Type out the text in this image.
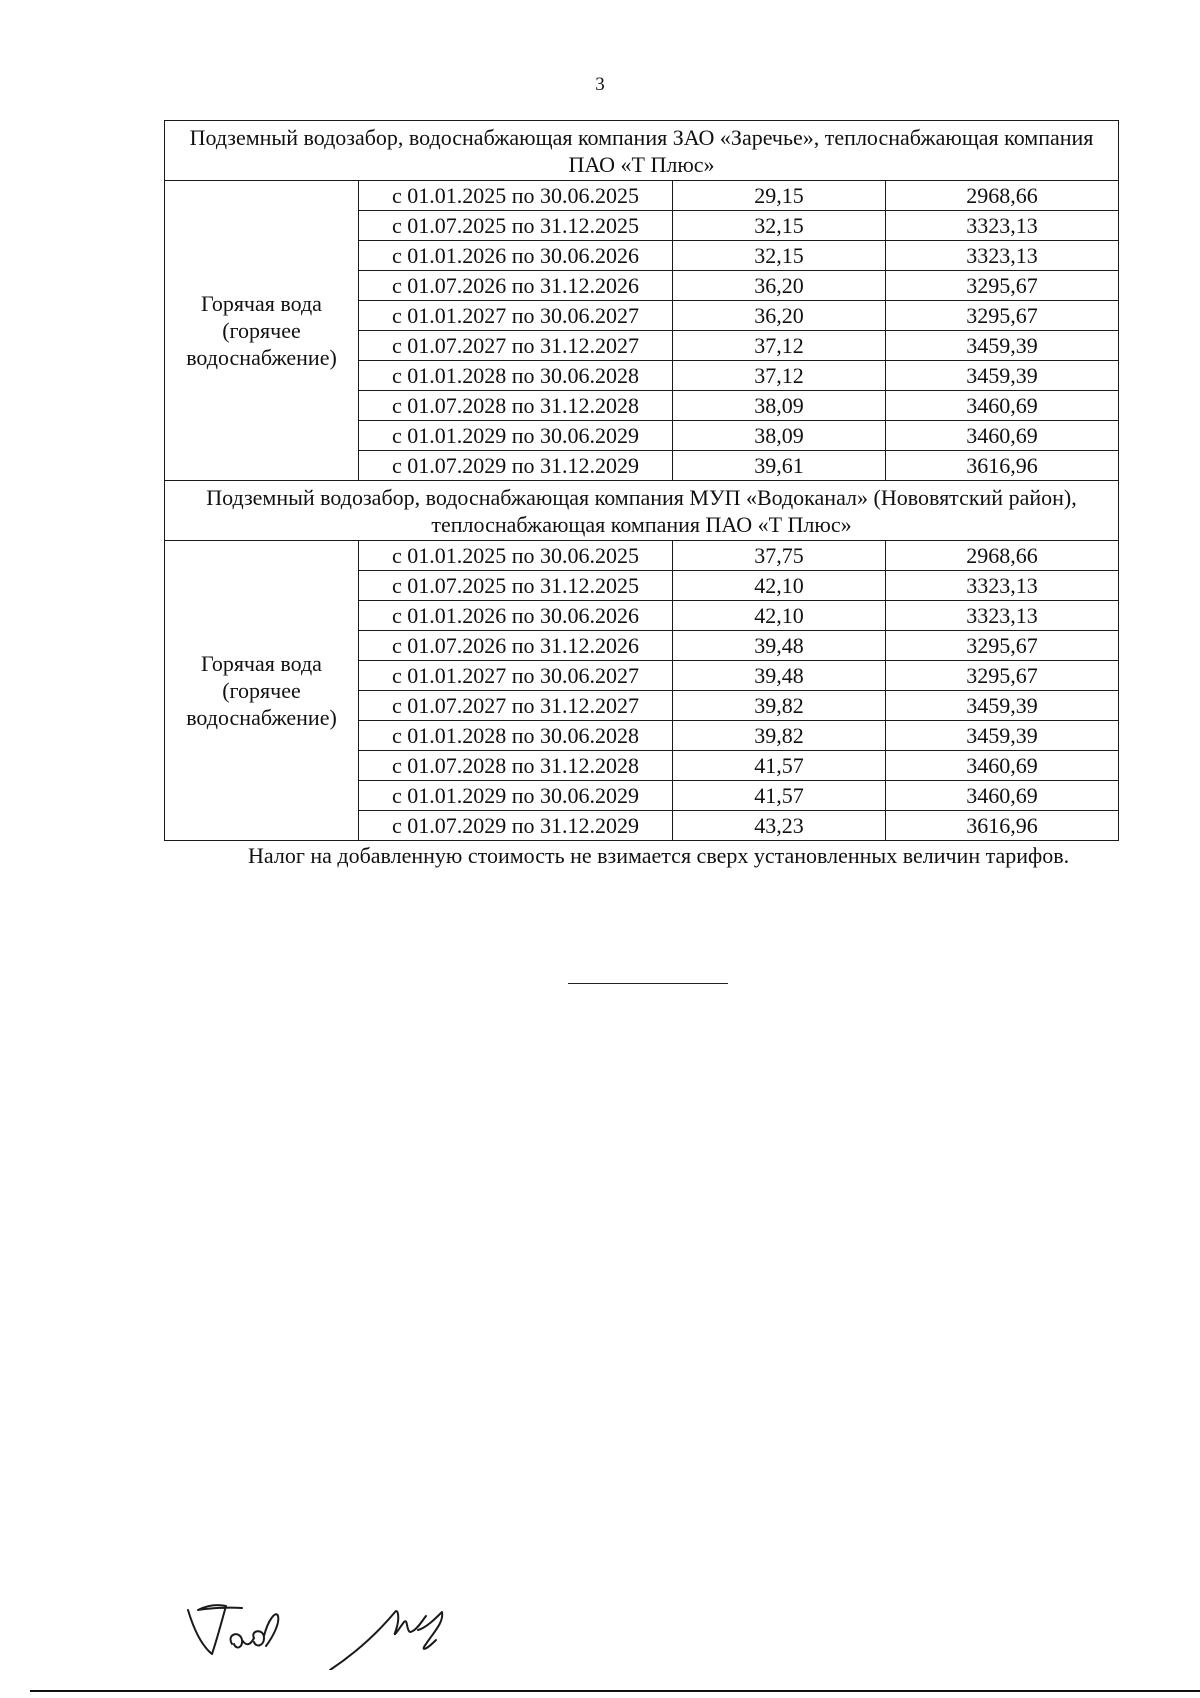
3
Подземный водозабор, водоснабжающая компания ЗАО «Заречье», теплоснабжающая компания ПАО «Т Плюс»			
Горячая вода (горячее водоснабжение)	с 01.01.2025 по 30.06.2025	29,15	2968,66
	с 01.07.2025 по 31.12.2025	32,15	3323,13
	с 01.01.2026 по 30.06.2026	32,15	3323,13
	с 01.07.2026 по 31.12.2026	36,20	3295,67
	с 01.01.2027 по 30.06.2027	36,20	3295,67
	с 01.07.2027 по 31.12.2027	37,12	3459,39
	с 01.01.2028 по 30.06.2028	37,12	3459,39
	с 01.07.2028 по 31.12.2028	38,09	3460,69
	с 01.01.2029 по 30.06.2029	38,09	3460,69
	с 01.07.2029 по 31.12.2029	39,61	3616,96
Подземный водозабор, водоснабжающая компания МУП «Водоканал» (Нововятский район), теплоснабжающая компания ПАО «Т Плюс»			
Горячая вода (горячее водоснабжение)	с 01.01.2025 по 30.06.2025	37,75	2968,66
	с 01.07.2025 по 31.12.2025	42,10	3323,13
	с 01.01.2026 по 30.06.2026	42,10	3323,13
	с 01.07.2026 по 31.12.2026	39,48	3295,67
	с 01.01.2027 по 30.06.2027	39,48	3295,67
	с 01.07.2027 по 31.12.2027	39,82	3459,39
	с 01.01.2028 по 30.06.2028	39,82	3459,39
	с 01.07.2028 по 31.12.2028	41,57	3460,69
	с 01.01.2029 по 30.06.2029	41,57	3460,69
	с 01.07.2029 по 31.12.2029	43,23	3616,96
Налог на добавленную стоимость не взимается сверх установленных величин тарифов.
